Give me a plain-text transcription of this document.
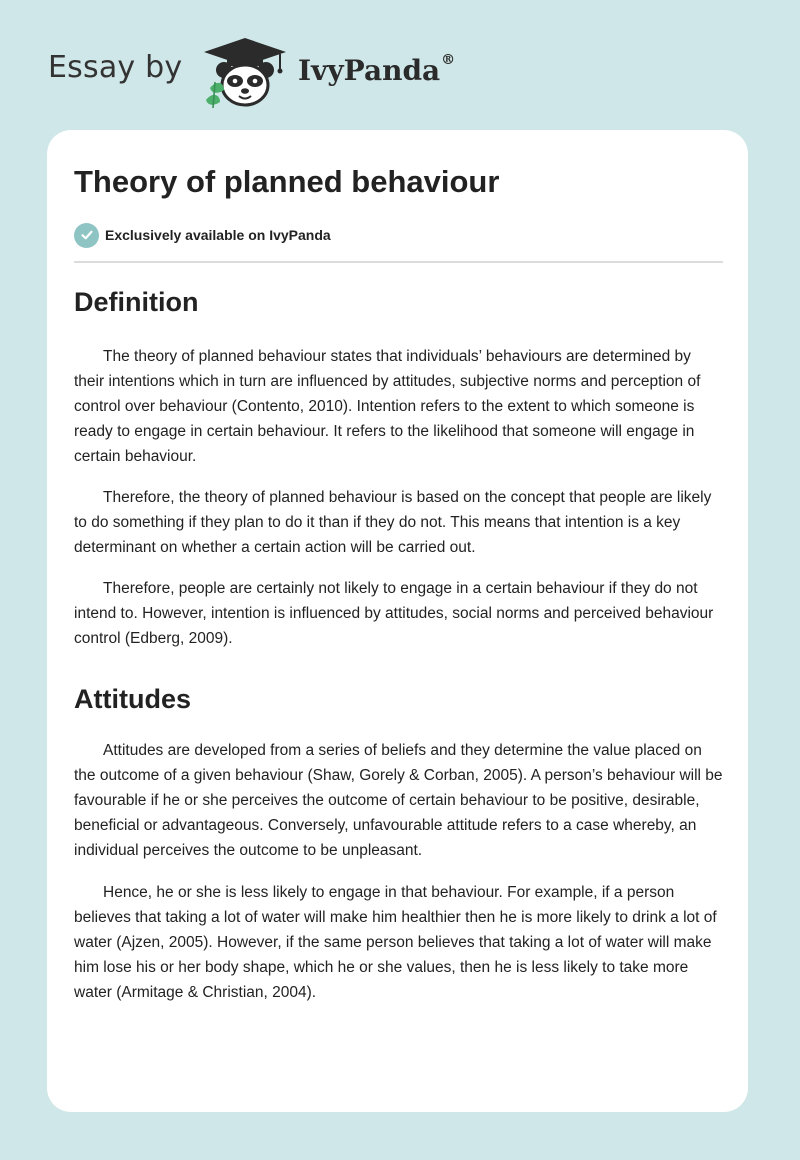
Essay by	IvyPanda®
Theory of planned behaviour
Exclusively available on IvyPanda
Definition

The theory of planned behaviour states that individuals’ behaviours are determined by their intentions which in turn are influenced by attitudes, subjective norms and perception of control over behaviour (Contento, 2010). Intention refers to the extent to which someone is ready to engage in certain behaviour. It refers to the likelihood that someone will engage in certain behaviour.

Therefore, the theory of planned behaviour is based on the concept that people are likely to do something if they plan to do it than if they do not. This means that intention is a key determinant on whether a certain action will be carried out.

Therefore, people are certainly not likely to engage in a certain behaviour if they do not intend to. However, intention is influenced by attitudes, social norms and perceived behaviour control (Edberg, 2009).

Attitudes

Attitudes are developed from a series of beliefs and they determine the value placed on the outcome of a given behaviour (Shaw, Gorely & Corban, 2005). A person’s behaviour will be favourable if he or she perceives the outcome of certain behaviour to be positive, desirable, beneficial or advantageous. Conversely, unfavourable attitude refers to a case whereby, an individual perceives the outcome to be unpleasant.

Hence, he or she is less likely to engage in that behaviour. For example, if a person believes that taking a lot of water will make him healthier then he is more likely to drink a lot of water (Ajzen, 2005). However, if the same person believes that taking a lot of water will make him lose his or her body shape, which he or she values, then he is less likely to take more water (Armitage & Christian, 2004).
